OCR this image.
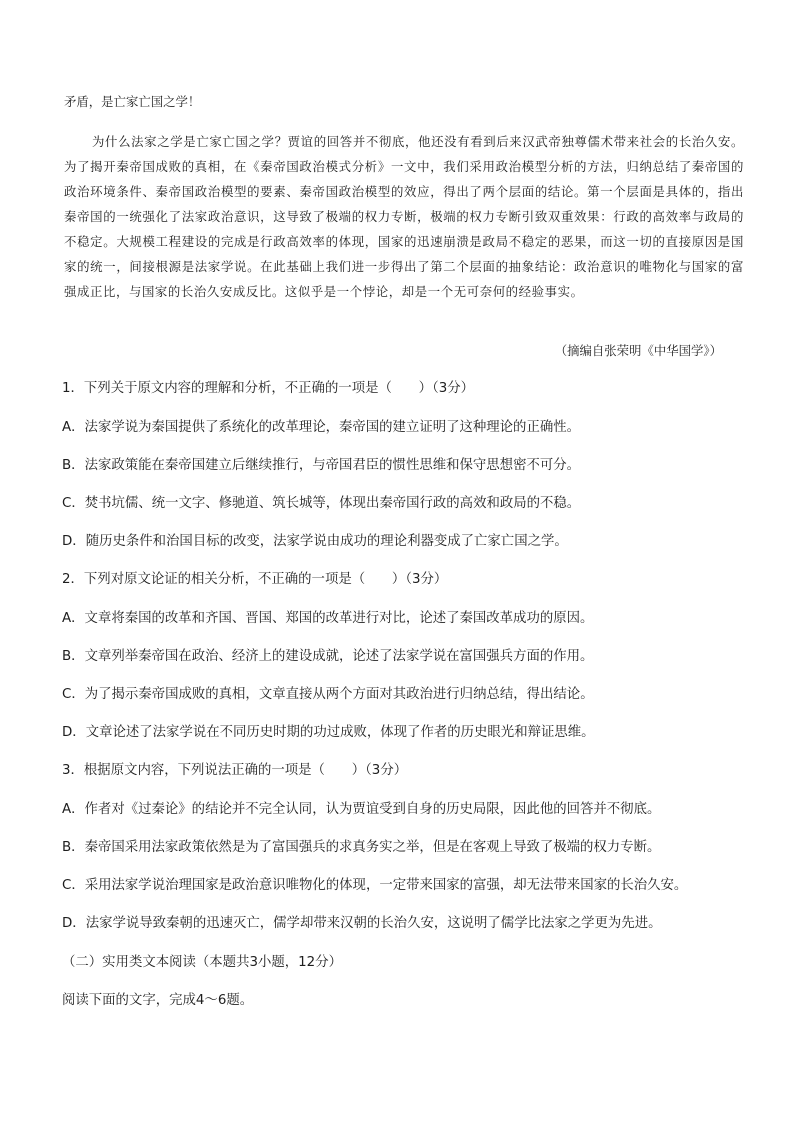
矛盾，是亡家亡国之学！
为什么法家之学是亡家亡国之学？贾谊的回答并不彻底，他还没有看到后来汉武帝独尊儒术带来社会的长治久安。为了揭开秦帝国成败的真相，在《秦帝国政治模式分析》一文中，我们采用政治模型分析的方法，归纳总结了秦帝国的政治环境条件、秦帝国政治模型的要素、秦帝国政治模型的效应，得出了两个层面的结论。第一个层面是具体的，指出秦帝国的一统强化了法家政治意识，这导致了极端的权力专断，极端的权力专断引致双重效果：行政的高效率与政局的不稳定。大规模工程建设的完成是行政高效率的体现，国家的迅速崩溃是政局不稳定的恶果，而这一切的直接原因是国家的统一，间接根源是法家学说。在此基础上我们进一步得出了第二个层面的抽象结论：政治意识的唯物化与国家的富强成正比，与国家的长治久安成反比。这似乎是一个悖论，却是一个无可奈何的经验事实。
（摘编自张荣明《中华国学》）
1．下列关于原文内容的理解和分析，不正确的一项是（　　）（3分）
A．法家学说为秦国提供了系统化的改革理论，秦帝国的建立证明了这种理论的正确性。
B．法家政策能在秦帝国建立后继续推行，与帝国君臣的惯性思维和保守思想密不可分。
C．焚书坑儒、统一文字、修驰道、筑长城等，体现出秦帝国行政的高效和政局的不稳。
D．随历史条件和治国目标的改变，法家学说由成功的理论利器变成了亡家亡国之学。
2．下列对原文论证的相关分析，不正确的一项是（　　）（3分）
A．文章将秦国的改革和齐国、晋国、郑国的改革进行对比，论述了秦国改革成功的原因。
B．文章列举秦帝国在政治、经济上的建设成就，论述了法家学说在富国强兵方面的作用。
C．为了揭示秦帝国成败的真相，文章直接从两个方面对其政治进行归纳总结，得出结论。
D．文章论述了法家学说在不同历史时期的功过成败，体现了作者的历史眼光和辩证思维。
3．根据原文内容，下列说法正确的一项是（　　）（3分）
A．作者对《过秦论》的结论并不完全认同，认为贾谊受到自身的历史局限，因此他的回答并不彻底。
B．秦帝国采用法家政策依然是为了富国强兵的求真务实之举，但是在客观上导致了极端的权力专断。
C．采用法家学说治理国家是政治意识唯物化的体现，一定带来国家的富强，却无法带来国家的长治久安。
D．法家学说导致秦朝的迅速灭亡，儒学却带来汉朝的长治久安，这说明了儒学比法家之学更为先进。
（二）实用类文本阅读（本题共3小题，12分）
阅读下面的文字，完成4～6题。
